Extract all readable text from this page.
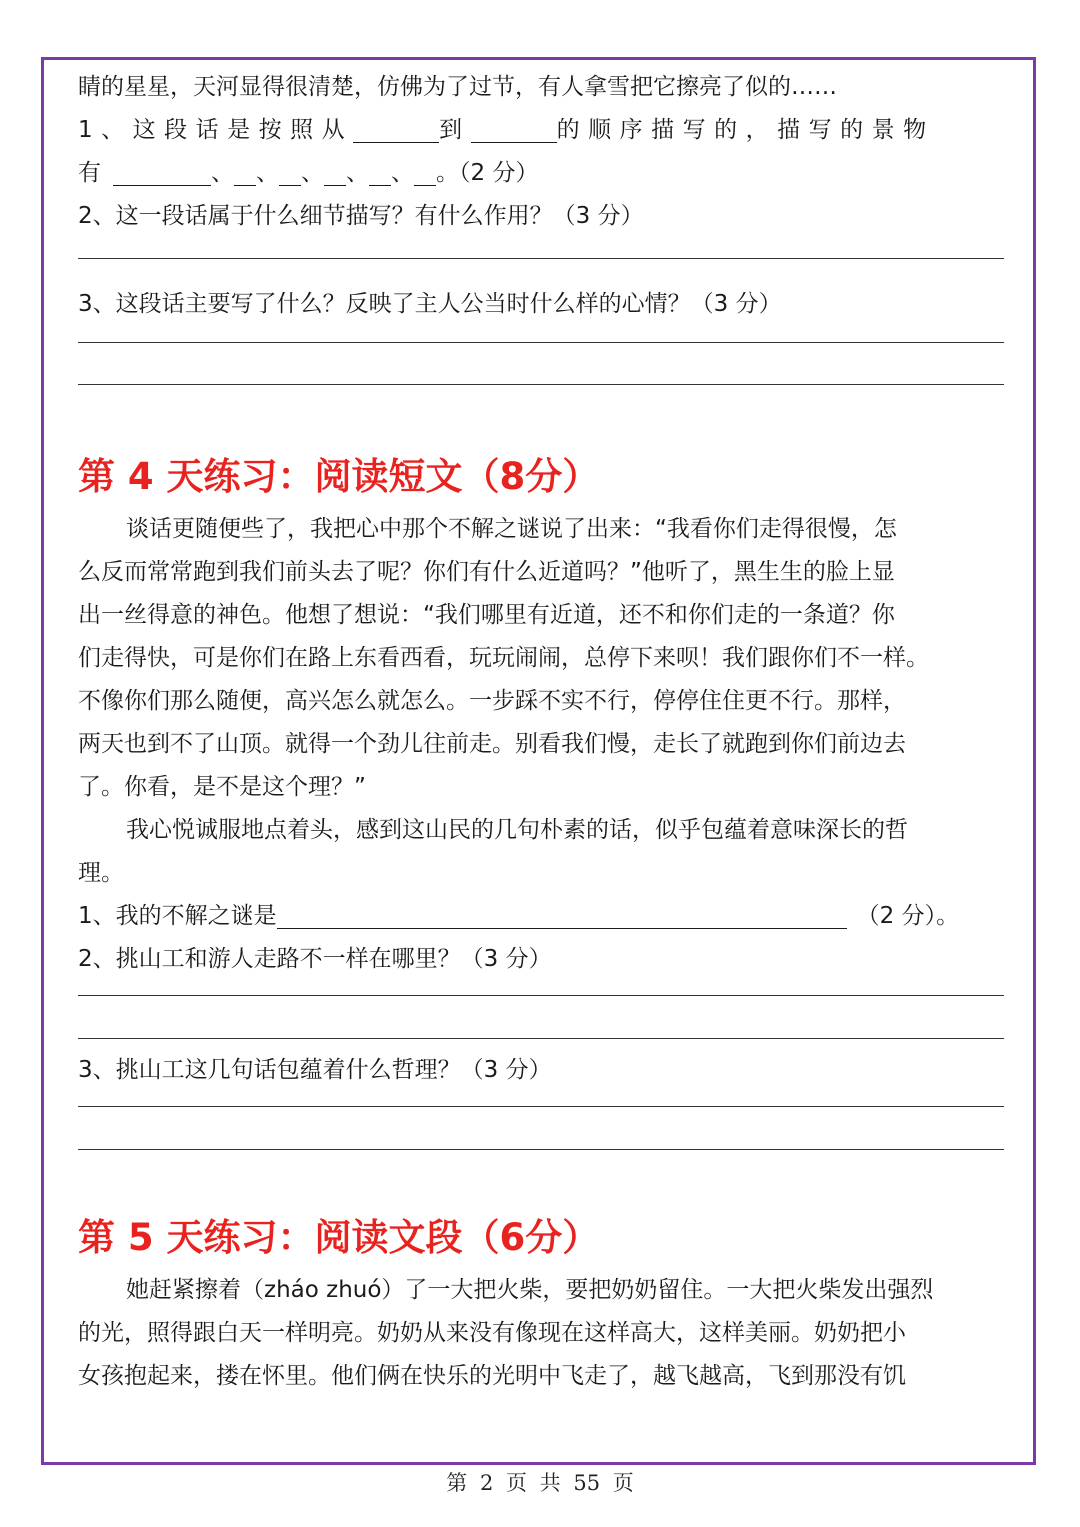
睛的星星，天河显得很清楚，仿佛为了过节，有人拿雪把它擦亮了似的……
1、这段话是按照从	到	的顺序描写的，描写的景物
有	、 、 、 、 、 。（2 分）
2、这一段话属于什么细节描写？有什么作用？（3 分）
3、这段话主要写了什么？反映了主人公当时什么样的心情？（3 分）
第 4 天练习：阅读短文（8分）
谈话更随便些了，我把心中那个不解之谜说了出来：“我看你们走得很慢，怎
么反而常常跑到我们前头去了呢？你们有什么近道吗？”他听了，黑生生的脸上显
出一丝得意的神色。他想了想说：“我们哪里有近道，还不和你们走的一条道？你
们走得快，可是你们在路上东看西看，玩玩闹闹，总停下来呗！我们跟你们不一样。
不像你们那么随便，高兴怎么就怎么。一步踩不实不行，停停住住更不行。那样，
两天也到不了山顶。就得一个劲儿往前走。别看我们慢，走长了就跑到你们前边去
了。你看，是不是这个理？”
我心悦诚服地点着头，感到这山民的几句朴素的话，似乎包蕴着意味深长的哲
理。
1、我的不解之谜是	（2 分）。
2、挑山工和游人走路不一样在哪里？（3 分）
3、挑山工这几句话包蕴着什么哲理？（3 分）
第 5 天练习：阅读文段（6分）
她赶紧擦着（zháo zhuó）了一大把火柴，要把奶奶留住。一大把火柴发出强烈
的光，照得跟白天一样明亮。奶奶从来没有像现在这样高大，这样美丽。奶奶把小
女孩抱起来，搂在怀里。他们俩在快乐的光明中飞走了，越飞越高，飞到那没有饥
第 2 页 共 55 页
